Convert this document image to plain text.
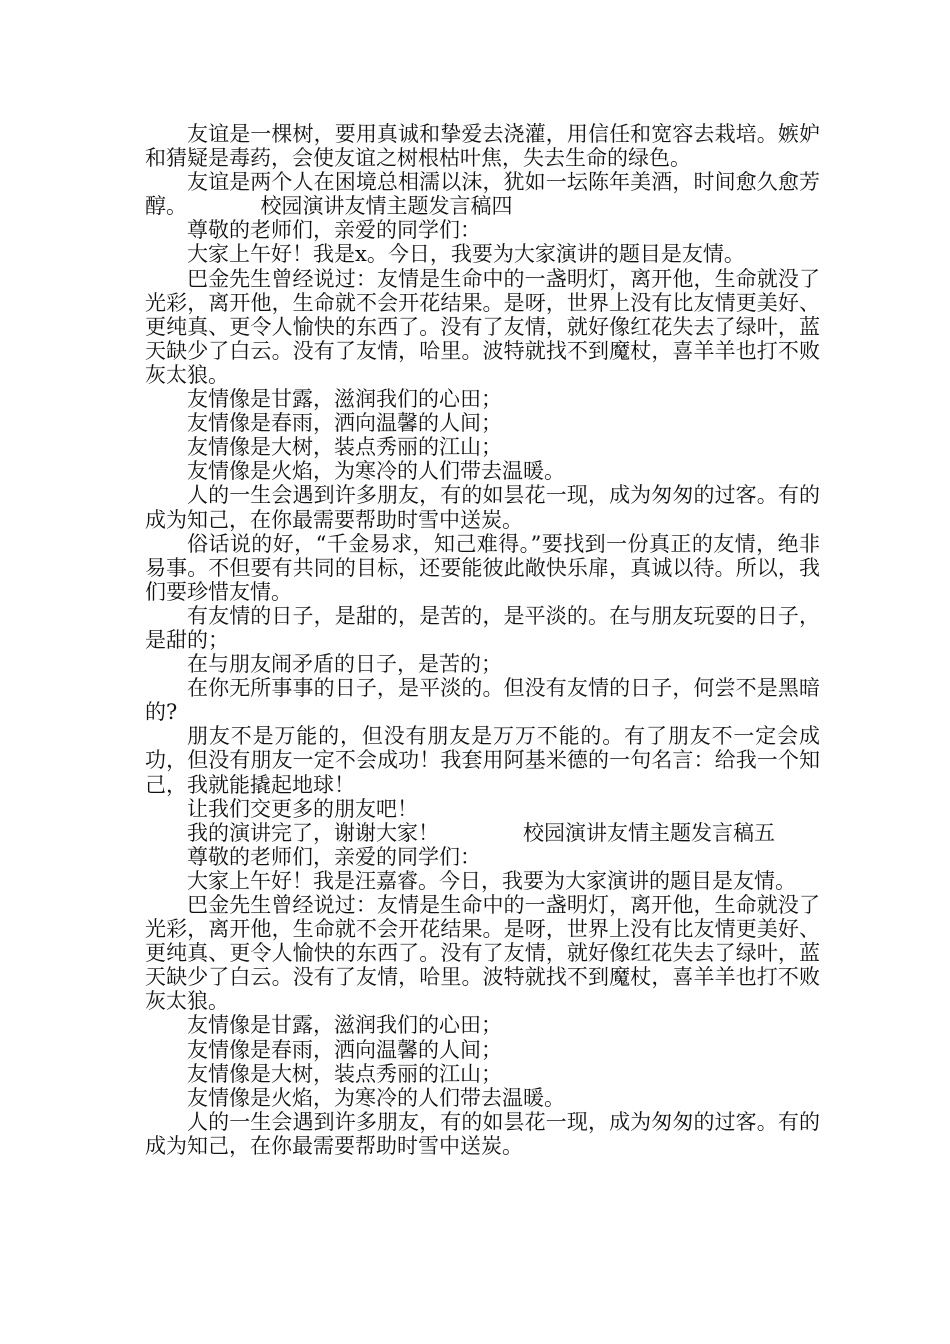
友谊是一棵树，要用真诚和挚爱去浇灌，用信任和宽容去栽培。嫉妒和猜疑是毒药，会使友谊之树根枯叶焦，失去生命的绿色。

友谊是两个人在困境总相濡以沫，犹如一坛陈年美酒，时间愈久愈芳醇。　　　　校园演讲友情主题发言稿四

尊敬的老师们，亲爱的同学们：

大家上午好！我是x。今日，我要为大家演讲的题目是友情。

巴金先生曾经说过：友情是生命中的一盏明灯，离开他，生命就没了光彩，离开他，生命就不会开花结果。是呀，世界上没有比友情更美好、更纯真、更令人愉快的东西了。没有了友情，就好像红花失去了绿叶，蓝天缺少了白云。没有了友情，哈里。波特就找不到魔杖，喜羊羊也打不败灰太狼。

友情像是甘露，滋润我们的心田；

友情像是春雨，洒向温馨的人间；

友情像是大树，装点秀丽的江山；

友情像是火焰，为寒冷的人们带去温暖。

人的一生会遇到许多朋友，有的如昙花一现，成为匆匆的过客。有的成为知己，在你最需要帮助时雪中送炭。

俗话说的好，“千金易求，知己难得。”要找到一份真正的友情，绝非易事。不但要有共同的目标，还要能彼此敞快乐扉，真诚以待。所以，我们要珍惜友情。

有友情的日子，是甜的，是苦的，是平淡的。在与朋友玩耍的日子，是甜的；

在与朋友闹矛盾的日子，是苦的；

在你无所事事的日子，是平淡的。但没有友情的日子，何尝不是黑暗的?

朋友不是万能的，但没有朋友是万万不能的。有了朋友不一定会成功，但没有朋友一定不会成功！我套用阿基米德的一句名言：给我一个知己，我就能撬起地球！

让我们交更多的朋友吧！

我的演讲完了，谢谢大家！　　　　校园演讲友情主题发言稿五

尊敬的老师们，亲爱的同学们：

大家上午好！我是汪嘉睿。今日，我要为大家演讲的题目是友情。

巴金先生曾经说过：友情是生命中的一盏明灯，离开他，生命就没了光彩，离开他，生命就不会开花结果。是呀，世界上没有比友情更美好、更纯真、更令人愉快的东西了。没有了友情，就好像红花失去了绿叶，蓝天缺少了白云。没有了友情，哈里。波特就找不到魔杖，喜羊羊也打不败灰太狼。

友情像是甘露，滋润我们的心田；

友情像是春雨，洒向温馨的人间；

友情像是大树，装点秀丽的江山；

友情像是火焰，为寒冷的人们带去温暖。

人的一生会遇到许多朋友，有的如昙花一现，成为匆匆的过客。有的成为知己，在你最需要帮助时雪中送炭。
